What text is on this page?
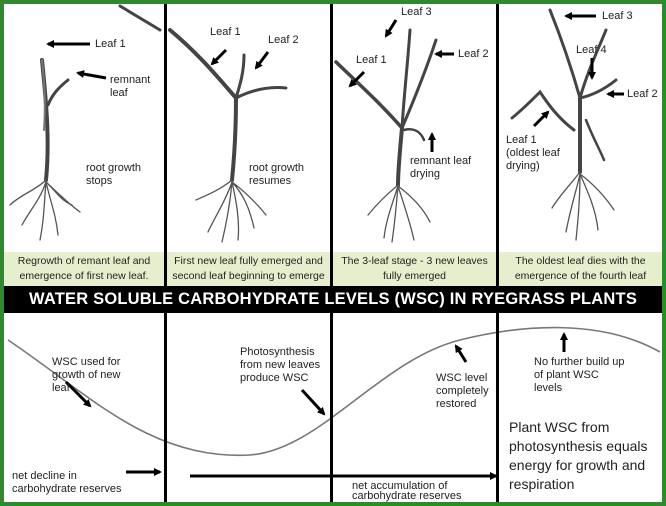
Leaf 1
remnant leaf
root growth stops
Leaf 1
Leaf 2
root growth resumes
Leaf 3
Leaf 1	Leaf 2
remnant leaf drying
Leaf 3
Leaf 4
Leaf 2
Leaf 1 (oldest leaf drying)
Regrowth of remant leaf and emergence of first new leaf.
First new leaf fully emerged and second leaf beginning to emerge
The 3-leaf stage - 3 new leaves fully emerged
The oldest leaf dies with the emergence of the fourth leaf
WATER SOLUBLE CARBOHYDRATE LEVELS (WSC) IN RYEGRASS PLANTS
WSC used for growth of new leaf
Photosynthesis from new leaves produce WSC	WSC level completely restored
No further build up of plant WSC levels
net decline in carbohydrate reserves	net accumulation of carbohydrate reserves
Plant WSC from photosynthesis equals energy for growth and respiration
